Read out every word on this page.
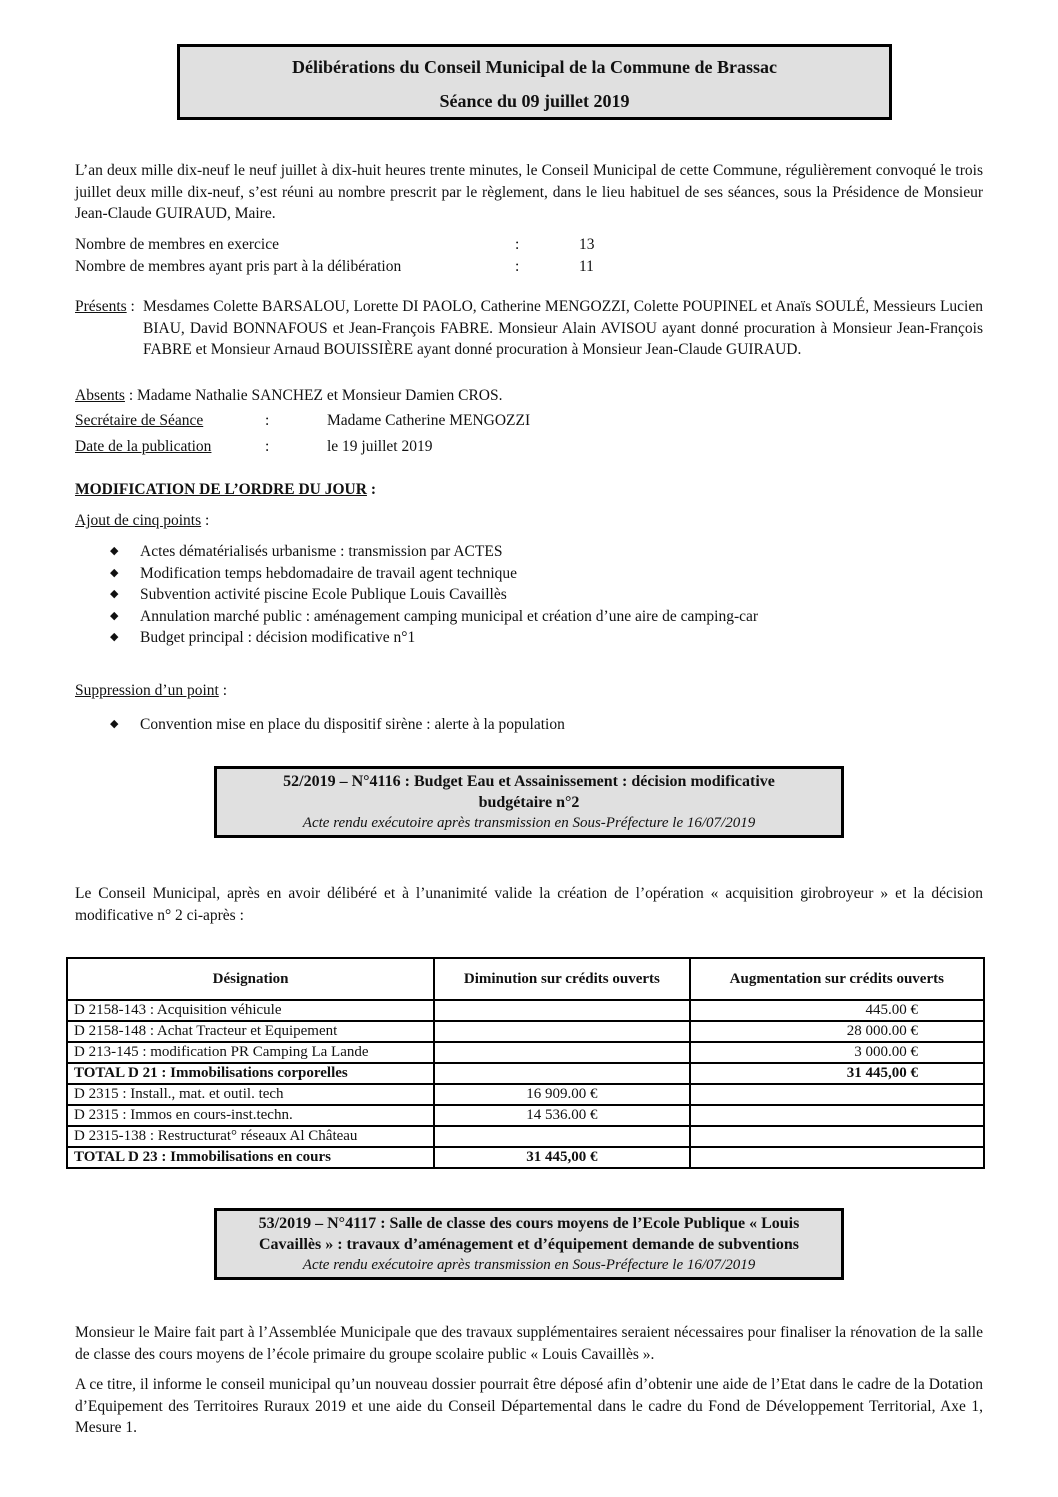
Délibérations du Conseil Municipal de la Commune de Brassac
Séance du 09 juillet 2019
L’an deux mille dix-neuf le neuf juillet à dix-huit heures trente minutes, le Conseil Municipal de cette Commune, régulièrement convoqué le trois juillet deux mille dix-neuf, s’est réuni au nombre prescrit par le règlement, dans le lieu habituel de ses séances, sous la Présidence de Monsieur Jean-Claude GUIRAUD, Maire.
Nombre de membres en exercice	:	13
Nombre de membres ayant pris part à la délibération	:	11
Présents : Mesdames Colette BARSALOU, Lorette DI PAOLO, Catherine MENGOZZI, Colette POUPINEL et Anaïs SOULÉ, Messieurs Lucien BIAU, David BONNAFOUS et Jean-François FABRE. Monsieur Alain AVISOU ayant donné procuration à Monsieur Jean-François FABRE et Monsieur Arnaud BOUISSIÈRE ayant donné procuration à Monsieur Jean-Claude GUIRAUD.
Absents : Madame Nathalie SANCHEZ et Monsieur Damien CROS.
Secrétaire de Séance	:	Madame Catherine MENGOZZI
Date de la publication	:	le 19 juillet 2019
MODIFICATION DE L’ORDRE DU JOUR :
Ajout de cinq points :
◆ Actes dématérialisés urbanisme : transmission par ACTES
◆ Modification temps hebdomadaire de travail agent technique
◆ Subvention activité piscine Ecole Publique Louis Cavaillès
◆ Annulation marché public : aménagement camping municipal et création d’une aire de camping-car
◆ Budget principal : décision modificative n°1
Suppression d’un point :
◆ Convention mise en place du dispositif sirène : alerte à la population
52/2019 – N°4116 : Budget Eau et Assainissement : décision modificative
budgétaire n°2
Acte rendu exécutoire après transmission en Sous-Préfecture le 16/07/2019
Le Conseil Municipal, après en avoir délibéré et à l’unanimité valide la création de l’opération « acquisition girobroyeur » et la décision modificative n° 2 ci-après :
Désignation	Diminution sur crédits ouverts	Augmentation sur crédits ouverts
D 2158-143 : Acquisition véhicule		445.00 €
D 2158-148 : Achat Tracteur et Equipement		28 000.00 €
D 213-145 : modification PR Camping La Lande		3 000.00 €
TOTAL D 21 : Immobilisations corporelles		31 445,00 €
D 2315 : Install., mat. et outil. tech	16 909.00 €	
D 2315 : Immos en cours-inst.techn.	14 536.00 €	
D 2315-138 : Restructurat° réseaux Al Château		
TOTAL D 23 : Immobilisations en cours	31 445,00 €	
53/2019 – N°4117 : Salle de classe des cours moyens de l’Ecole Publique « Louis
Cavaillès » : travaux d’aménagement et d’équipement demande de subventions
Acte rendu exécutoire après transmission en Sous-Préfecture le 16/07/2019
Monsieur le Maire fait part à l’Assemblée Municipale que des travaux supplémentaires seraient nécessaires pour finaliser la rénovation de la salle de classe des cours moyens de l’école primaire du groupe scolaire public « Louis Cavaillès ».
A ce titre, il informe le conseil municipal qu’un nouveau dossier pourrait être déposé afin d’obtenir une aide de l’Etat dans le cadre de la Dotation d’Equipement des Territoires Ruraux 2019 et une aide du Conseil Départemental dans le cadre du Fond de Développement Territorial, Axe 1, Mesure 1.
